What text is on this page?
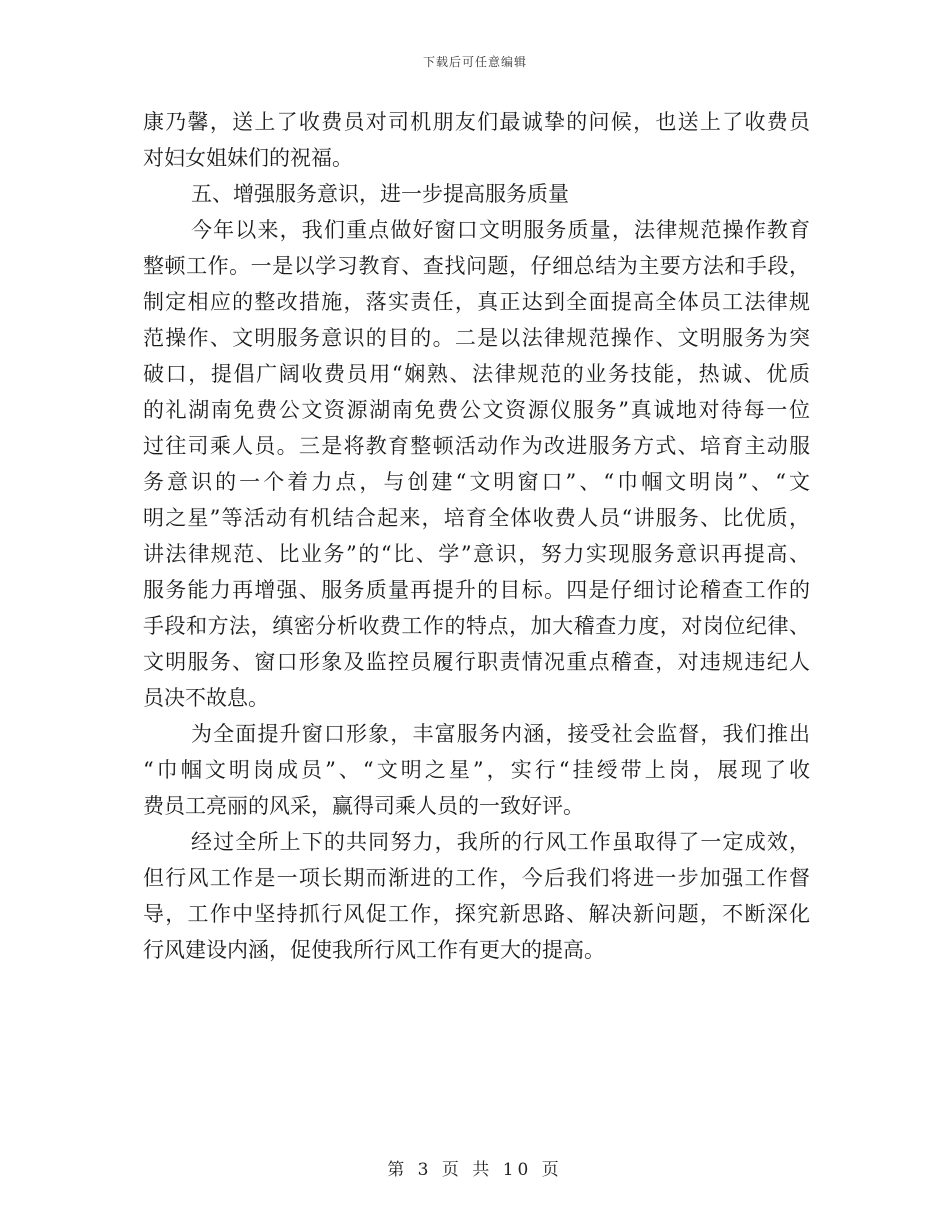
下载后可任意编辑
康乃馨，送上了收费员对司机朋友们最诚挚的问候，也送上了收费员
对妇女姐妹们的祝福。
五、增强服务意识，进一步提高服务质量
今年以来，我们重点做好窗口文明服务质量，法律规范操作教育
整顿工作。一是以学习教育、查找问题，仔细总结为主要方法和手段，
制定相应的整改措施，落实责任，真正达到全面提高全体员工法律规
范操作、文明服务意识的目的。二是以法律规范操作、文明服务为突
破口，提倡广阔收费员用“娴熟、法律规范的业务技能，热诚、优质
的礼湖南免费公文资源湖南免费公文资源仪服务”真诚地对待每一位
过往司乘人员。三是将教育整顿活动作为改进服务方式、培育主动服
务意识的一个着力点，与创建“文明窗口”、“巾帼文明岗”、“文
明之星”等活动有机结合起来，培育全体收费人员“讲服务、比优质，
讲法律规范、比业务”的“比、学”意识，努力实现服务意识再提高、
服务能力再增强、服务质量再提升的目标。四是仔细讨论稽查工作的
手段和方法，缜密分析收费工作的特点，加大稽查力度，对岗位纪律、
文明服务、窗口形象及监控员履行职责情况重点稽查，对违规违纪人
员决不故息。
为全面提升窗口形象，丰富服务内涵，接受社会监督，我们推出
“巾帼文明岗成员”、“文明之星”，实行“挂绶带上岗，展现了收
费员工亮丽的风采，赢得司乘人员的一致好评。
经过全所上下的共同努力，我所的行风工作虽取得了一定成效，
但行风工作是一项长期而渐进的工作，今后我们将进一步加强工作督
导，工作中坚持抓行风促工作，探究新思路、解决新问题，不断深化
行风建设内涵，促使我所行风工作有更大的提高。
第 3 页 共 10 页
